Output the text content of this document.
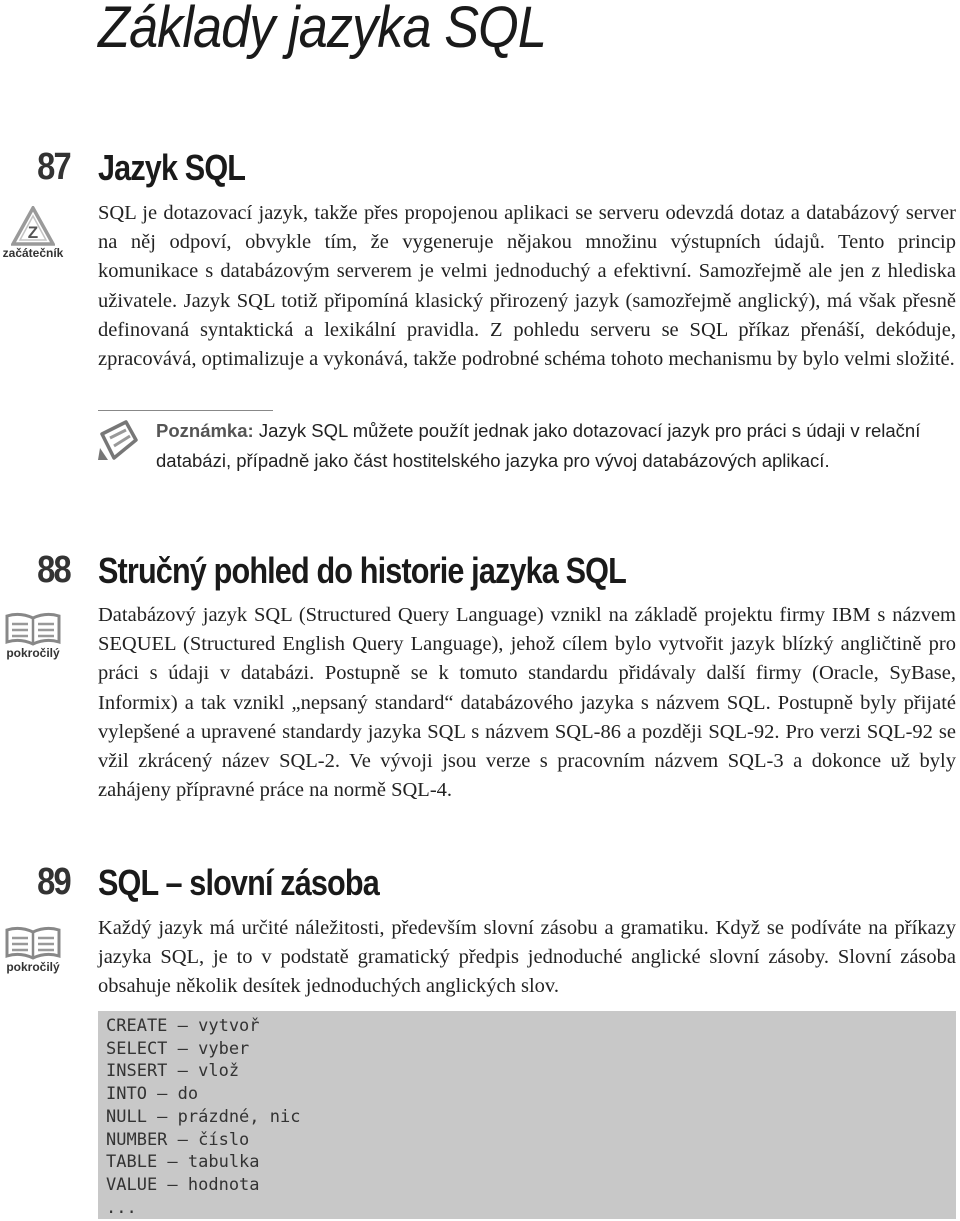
Základy jazyka SQL
87 Jazyk SQL
Z
začátečník

SQL je dotazovací jazyk, takže přes propojenou aplikaci se serveru odevzdá dotaz a databázový server na něj odpoví, obvykle tím, že vygeneruje nějakou množinu výstupních údajů. Tento princip komunikace s databázovým serverem je velmi jednoduchý a efektivní. Samozřejmě ale jen z hlediska uživatele. Jazyk SQL totiž připomíná klasický přirozený jazyk (samozřejmě anglický), má však přesně definovaná syntaktická a lexikální pravidla. Z pohledu serveru se SQL příkaz přenáší, dekóduje, zpracovává, optimalizuje a vykonává, takže podrobné schéma tohoto mechanismu by bylo velmi složité.

Poznámka: Jazyk SQL můžete použít jednak jako dotazovací jazyk pro práci s údaji v relační databázi, případně jako část hostitelského jazyka pro vývoj databázových aplikací.

88 Stručný pohled do historie jazyka SQL
pokročilý

Databázový jazyk SQL (Structured Query Language) vznikl na základě projektu firmy IBM s názvem SEQUEL (Structured English Query Language), jehož cílem bylo vytvořit jazyk blízký angličtině pro práci s údaji v databázi. Postupně se k tomuto standardu přidávaly další firmy (Oracle, SyBase, Informix) a tak vznikl „nepsaný standard“ databázového jazyka s názvem SQL. Postupně byly přijaté vylepšené a upravené standardy jazyka SQL s názvem SQL-86 a později SQL-92. Pro verzi SQL-92 se vžil zkrácený název SQL-2. Ve vývoji jsou verze s pracovním názvem SQL-3 a dokonce už byly zahájeny přípravné práce na normě SQL-4.

89 SQL – slovní zásoba
pokročilý

Každý jazyk má určité náležitosti, především slovní zásobu a gramatiku. Když se podíváte na příkazy jazyka SQL, je to v podstatě gramatický předpis jednoduché anglické slovní zásoby. Slovní zásoba obsahuje několik desítek jednoduchých anglických slov.

CREATE – vytvoř
SELECT – vyber
INSERT – vlož
INTO – do
NULL – prázdné, nic
NUMBER – číslo
TABLE – tabulka
VALUE – hodnota
...
